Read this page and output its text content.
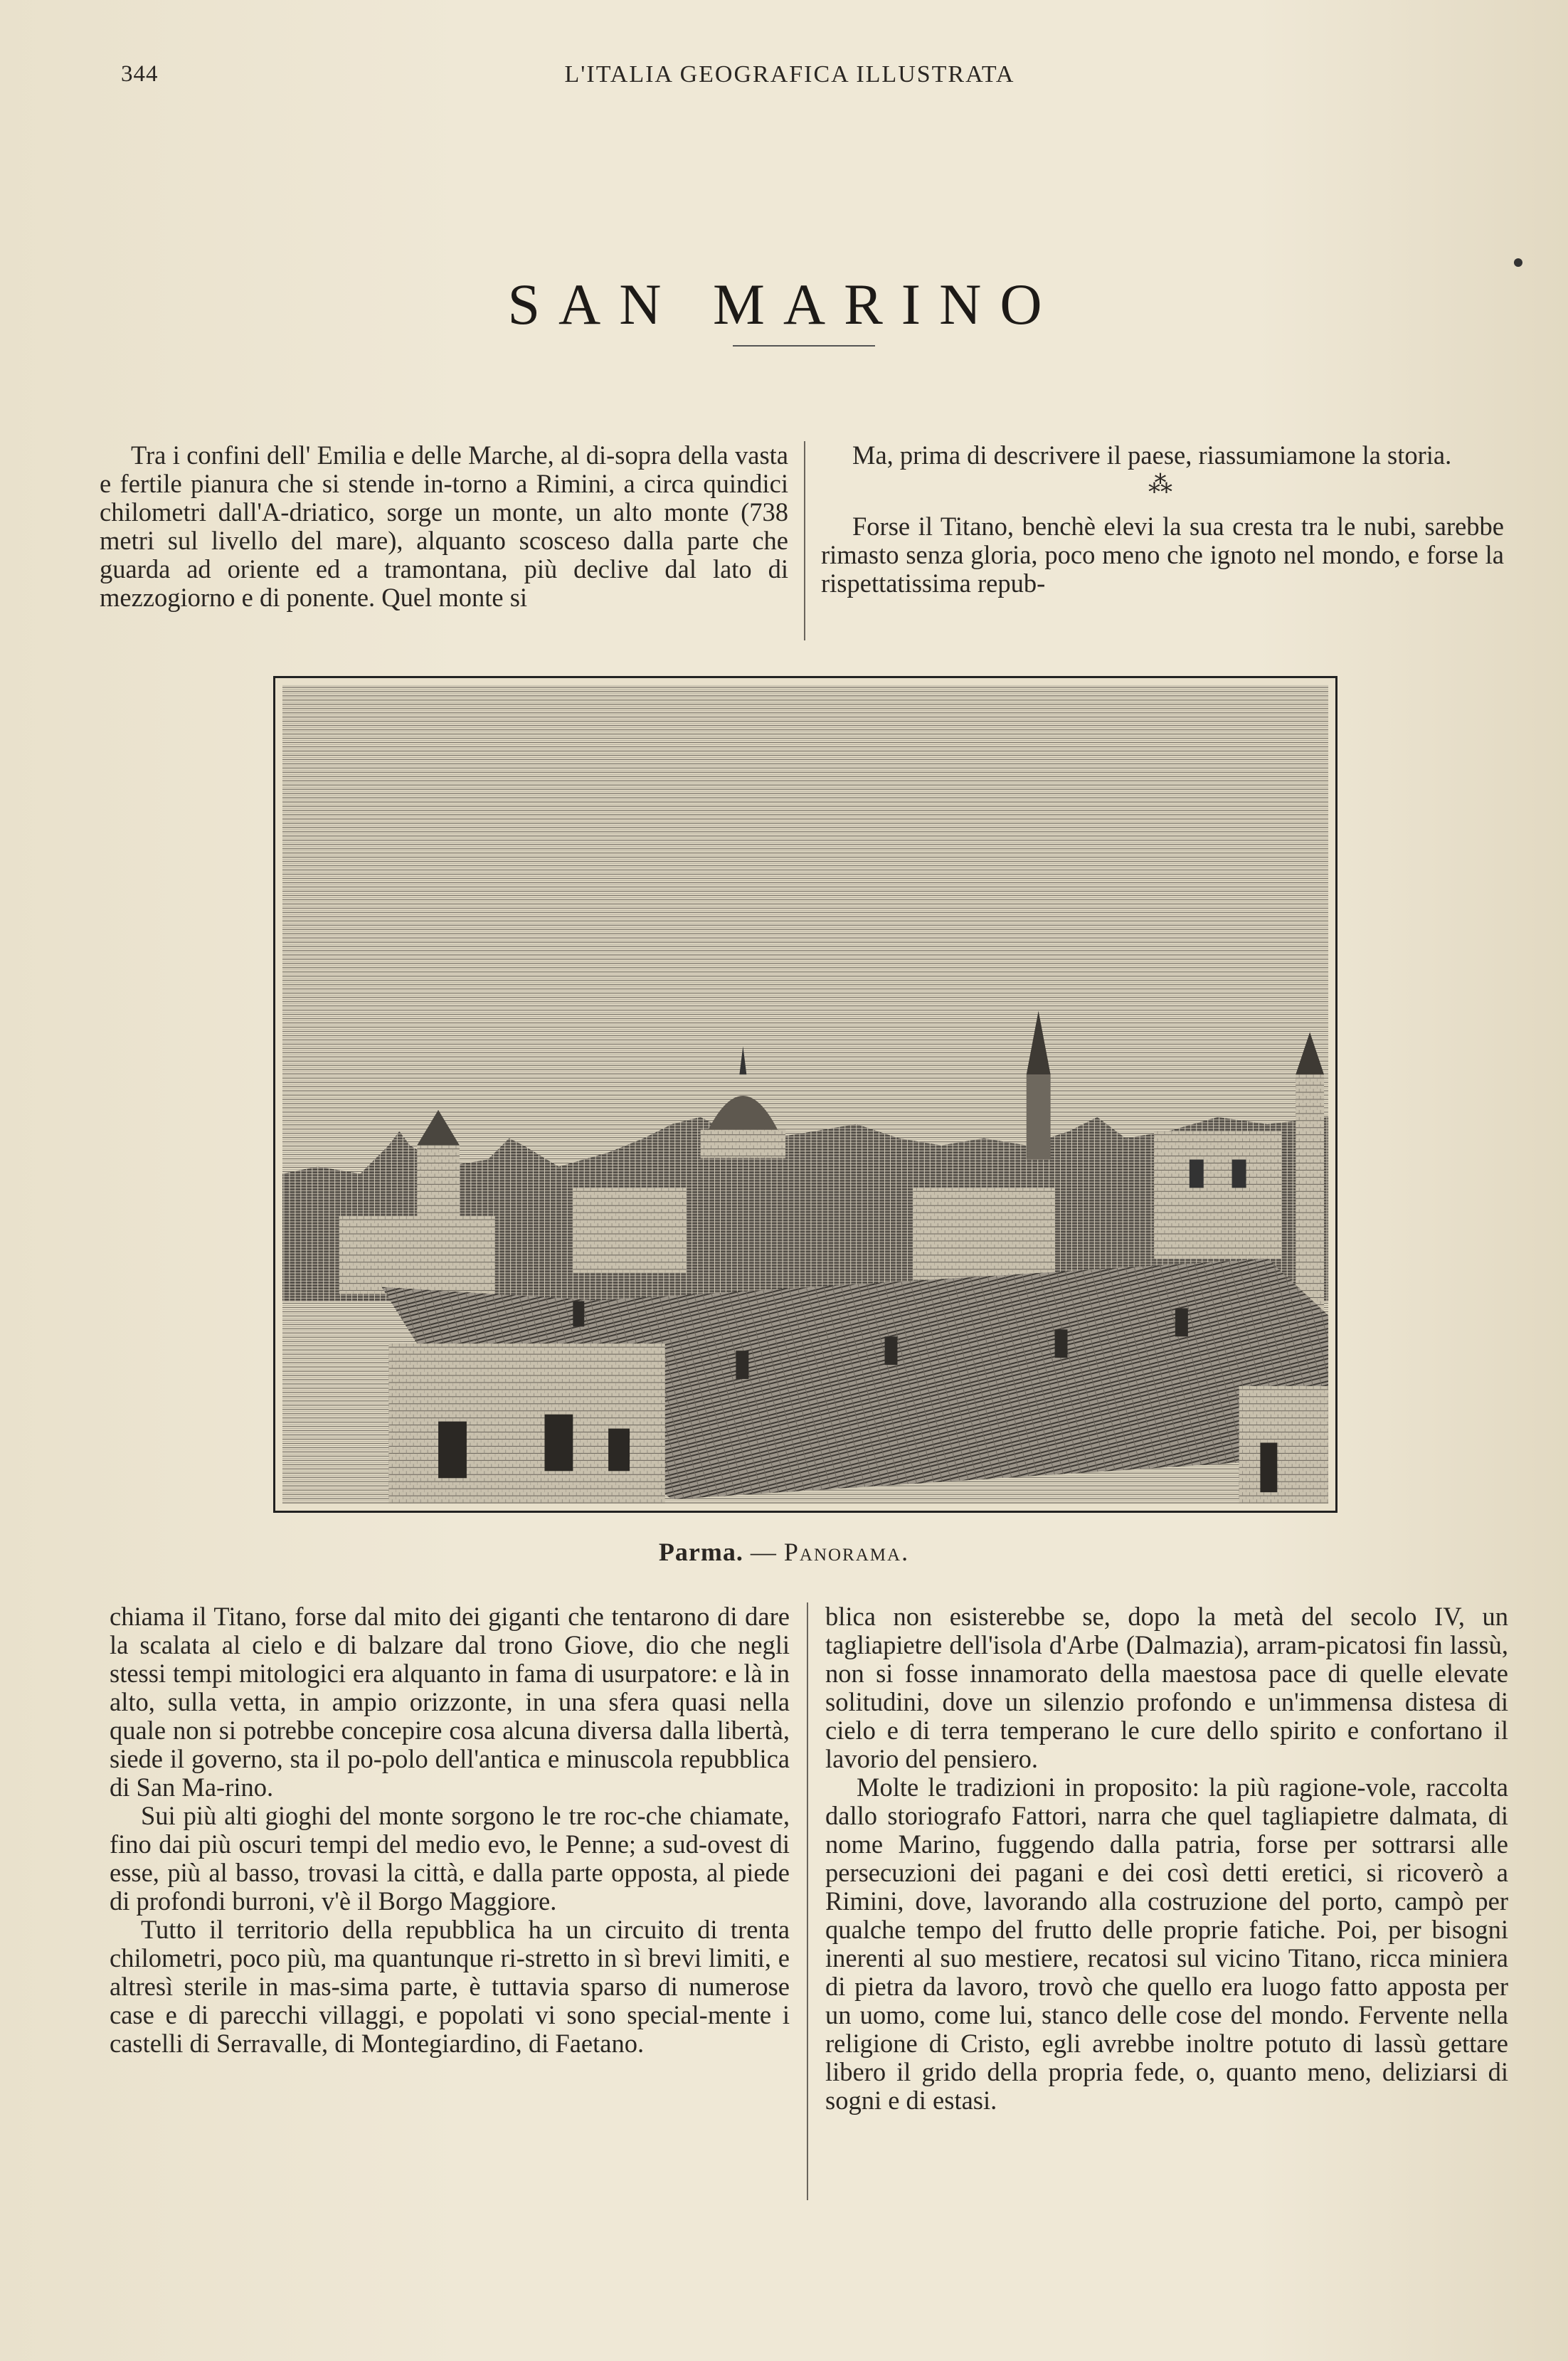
344	L'ITALIA GEOGRAFICA ILLUSTRATA
SAN MARINO

Tra i confini dell' Emilia e delle Marche, al di-sopra della vasta e fertile pianura che si stende in-torno a Rimini, a circa quindici chilometri dall'A-driatico, sorge un monte, un alto monte (738 metri sul livello del mare), alquanto scosceso dalla parte che guarda ad oriente ed a tramontana, più declive dal lato di mezzogiorno e di ponente. Quel monte si

Ma, prima di descrivere il paese, riassumiamone la storia.

⁂

Forse il Titano, benchè elevi la sua cresta tra le nubi, sarebbe rimasto senza gloria, poco meno che ignoto nel mondo, e forse la rispettatissima repub-

Parma. — Panorama.

chiama il Titano, forse dal mito dei giganti che tentarono di dare la scalata al cielo e di balzare dal trono Giove, dio che negli stessi tempi mitologici era alquanto in fama di usurpatore: e là in alto, sulla vetta, in ampio orizzonte, in una sfera quasi nella quale non si potrebbe concepire cosa alcuna diversa dalla libertà, siede il governo, sta il po-polo dell'antica e minuscola repubblica di San Ma-rino.

Sui più alti gioghi del monte sorgono le tre roc-che chiamate, fino dai più oscuri tempi del medio evo, le Penne; a sud-ovest di esse, più al basso, trovasi la città, e dalla parte opposta, al piede di profondi burroni, v'è il Borgo Maggiore.

Tutto il territorio della repubblica ha un circuito di trenta chilometri, poco più, ma quantunque ri-stretto in sì brevi limiti, e altresì sterile in mas-sima parte, è tuttavia sparso di numerose case e di parecchi villaggi, e popolati vi sono special-mente i castelli di Serravalle, di Montegiardino, di Faetano.

blica non esisterebbe se, dopo la metà del secolo IV, un tagliapietre dell'isola d'Arbe (Dalmazia), arram-picatosi fin lassù, non si fosse innamorato della maestosa pace di quelle elevate solitudini, dove un silenzio profondo e un'immensa distesa di cielo e di terra temperano le cure dello spirito e confortano il lavorio del pensiero.

Molte le tradizioni in proposito: la più ragione-vole, raccolta dallo storiografo Fattori, narra che quel tagliapietre dalmata, di nome Marino, fuggendo dalla patria, forse per sottrarsi alle persecuzioni dei pagani e dei così detti eretici, si ricoverò a Rimini, dove, lavorando alla costruzione del porto, campò per qualche tempo del frutto delle proprie fatiche. Poi, per bisogni inerenti al suo mestiere, recatosi sul vicino Titano, ricca miniera di pietra da lavoro, trovò che quello era luogo fatto apposta per un uomo, come lui, stanco delle cose del mondo. Fervente nella religione di Cristo, egli avrebbe inoltre potuto di lassù gettare libero il grido della propria fede, o, quanto meno, deliziarsi di sogni e di estasi.
